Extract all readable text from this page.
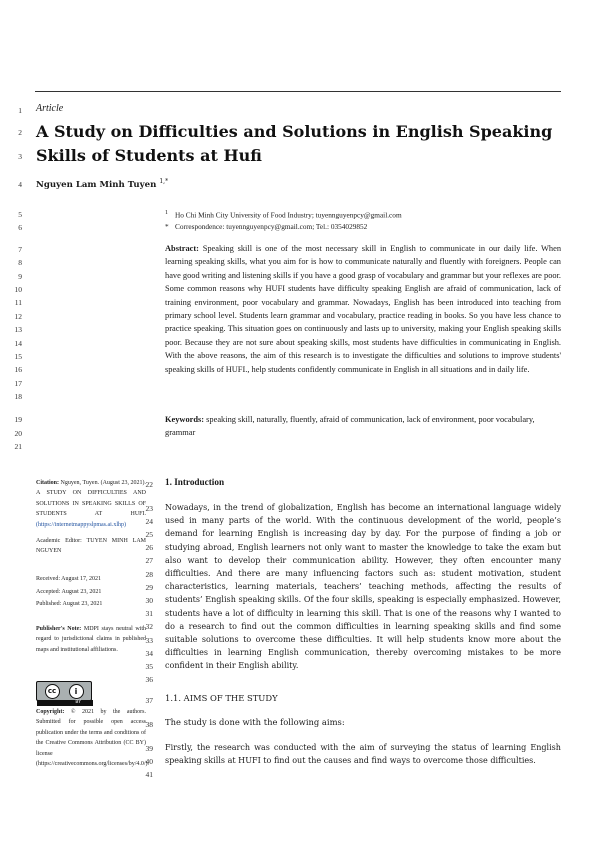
1
2
3
4
5
6
7
8
9
10
11
12
13
14
15
16
17
18
19
20
21
22
23
24
25
26
27
28
29
30
31
32
33
34
35
36
37
38
39
40
41
Article
A Study on Difficulties and Solutions in English Speaking
Skills of Students at Hufi
Nguyen Lam Minh Tuyen $^{1,*}$
$^1$ Ho Chi Minh City University of Food Industry; tuyennguyenpcy@gmail.com
* Correspondence: tuyennguyenpcy@gmail.com; Tel.: 0354029852
Abstract: Speaking skill is one of the most necessary skill in English to communicate in our daily life. When learning speaking skills, what you aim for is how to communicate naturally and fluently with foreigners. People can have good writing and listening skills if you have a good grasp of vocabulary and grammar but your reflexes are poor. Some common reasons why HUFI students have difficulty speaking English are afraid of communication, lack of training environment, poor vocabulary and grammar. Nowadays, English has been introduced into teaching from primary school level. Students learn grammar and vocabulary, practice reading in books. So you have less chance to practice speaking. This situation goes on continuously and lasts up to university, making your English speaking skills poor. Because they are not sure about speaking skills, most students have difficulties in communicating in English. With the above reasons, the aim of this research is to investigate the difficulties and solutions to improve students' speaking skills of HUFI., help students confidently communicate in English in all situations and in daily life.
Keywords: speaking skill, naturally, fluently, afraid of communication, lack of environment, poor vocabulary, grammar
Citation: Nguyen, Tuyen. (August 23, 2021). A STUDY ON DIFFICULTIES AND SOLUTIONS IN SPEAKING SKILLS OF STUDENTS AT HUFI. (https://internetmappyslpmas.ai.xlhp)
Academic Editor: TUYEN MINH LAM NGUYEN
Received: August 17, 2021
Accepted: August 23, 2021
Published: August 23, 2021
Publisher's Note: MDPI stays neutral with regard to jurisdictional claims in published maps and institutional affiliations.
cc	i
BY
Copyright: © 2021 by the authors. Submitted for possible open access publication under the terms and conditions of the Creative Commons Attribution (CC BY) license (https://creativecommons.org/licenses/by/4.0/).
1. Introduction
Nowadays, in the trend of globalization, English has become an international language widely used in many parts of the world. With the continuous development of the world, people’s demand for learning English is increasing day by day. For the purpose of finding a job or studying abroad, English learners not only want to master the knowledge to take the exam but also want to develop their communication ability. However, they often encounter many difficulties. And there are many influencing factors such as: student motivation, student characteristics, learning materials, teachers’ teaching methods, affecting the results of students’ English speaking skills. Of the four skills, speaking is especially emphasized. However, students have a lot of difficulty in learning this skill. That is one of the reasons why I wanted to do a research to find out the common difficulties in learning speaking skills and find some suitable solutions to overcome these difficulties. It will help students know more about the difficulties in learning English communication, thereby overcoming mistakes to be more confident in their English ability.
1.1. AIMS OF THE STUDY
The study is done with the following aims:
Firstly, the research was conducted with the aim of surveying the status of learning English speaking skills at HUFI to find out the causes and find ways to overcome those difficulties.
